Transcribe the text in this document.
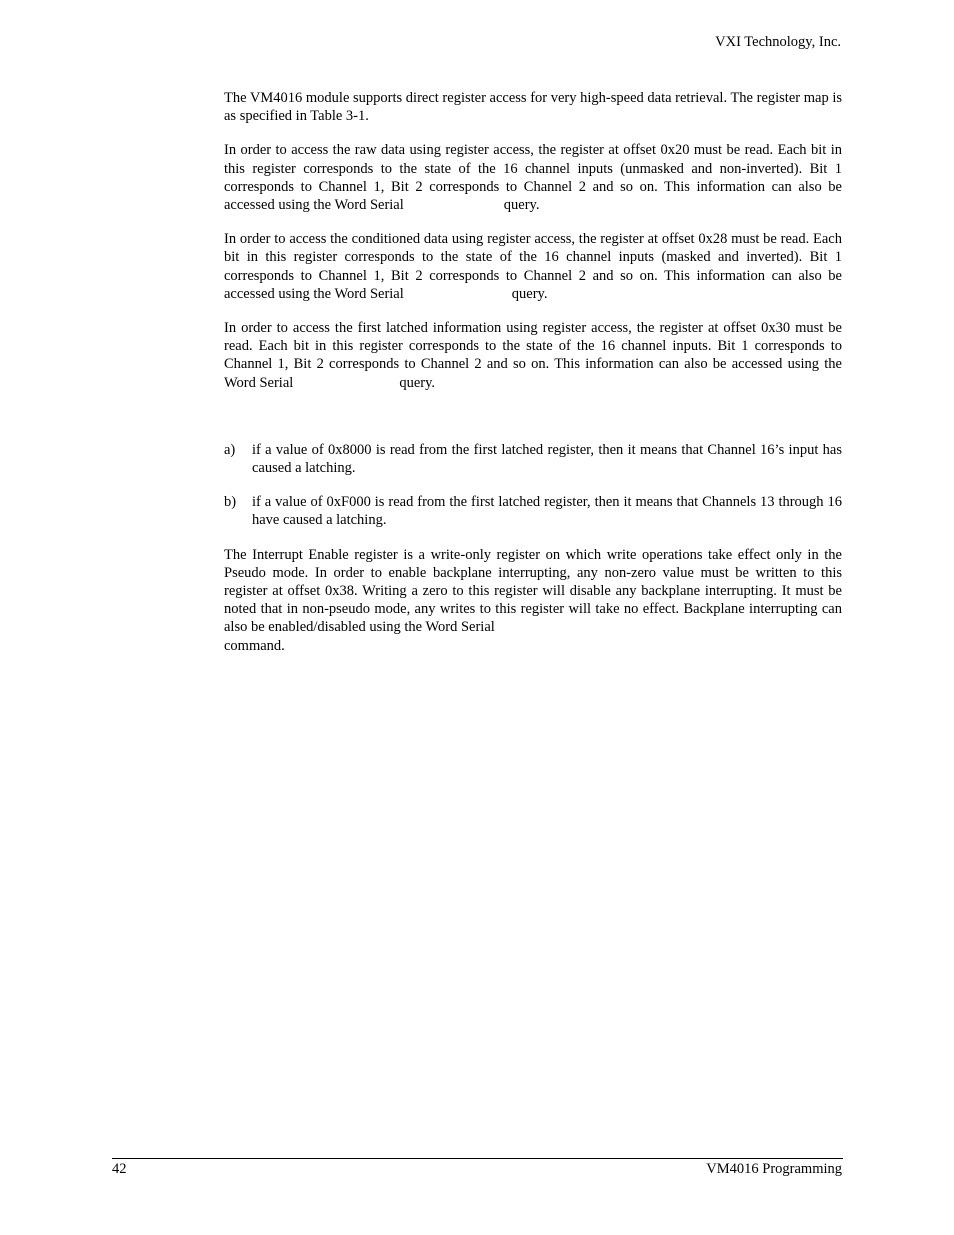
VXI Technology, Inc.

The VM4016 module supports direct register access for very high-speed data retrieval. The register map is as specified in Table 3-1.

In order to access the raw data using register access, the register at offset 0x20 must be read. Each bit in this register corresponds to the state of the 16 channel inputs (unmasked and non-inverted). Bit 1 corresponds to Channel 1, Bit 2 corresponds to Channel 2 and so on. This information can also be accessed using the Word Serial	query.

In order to access the conditioned data using register access, the register at offset 0x28 must be read. Each bit in this register corresponds to the state of the 16 channel inputs (masked and inverted). Bit 1 corresponds to Channel 1, Bit 2 corresponds to Channel 2 and so on. This information can also be accessed using the Word Serial	query.

In order to access the first latched information using register access, the register at offset 0x30 must be read. Each bit in this register corresponds to the state of the 16 channel inputs. Bit 1 corresponds to Channel 1, Bit 2 corresponds to Channel 2 and so on. This information can also be accessed using the Word Serial	query.

a) if a value of 0x8000 is read from the first latched register, then it means that Channel 16’s input has caused a latching.
b) if a value of 0xF000 is read from the first latched register, then it means that Channels 13 through 16 have caused a latching.

The Interrupt Enable register is a write-only register on which write operations take effect only in the Pseudo mode. In order to enable backplane interrupting, any non-zero value must be written to this register at offset 0x38. Writing a zero to this register will disable any backplane interrupting. It must be noted that in non-pseudo mode, any writes to this register will take no effect. Backplane interrupting can also be enabled/disabled using the Word Serial
command.

42	VM4016 Programming
